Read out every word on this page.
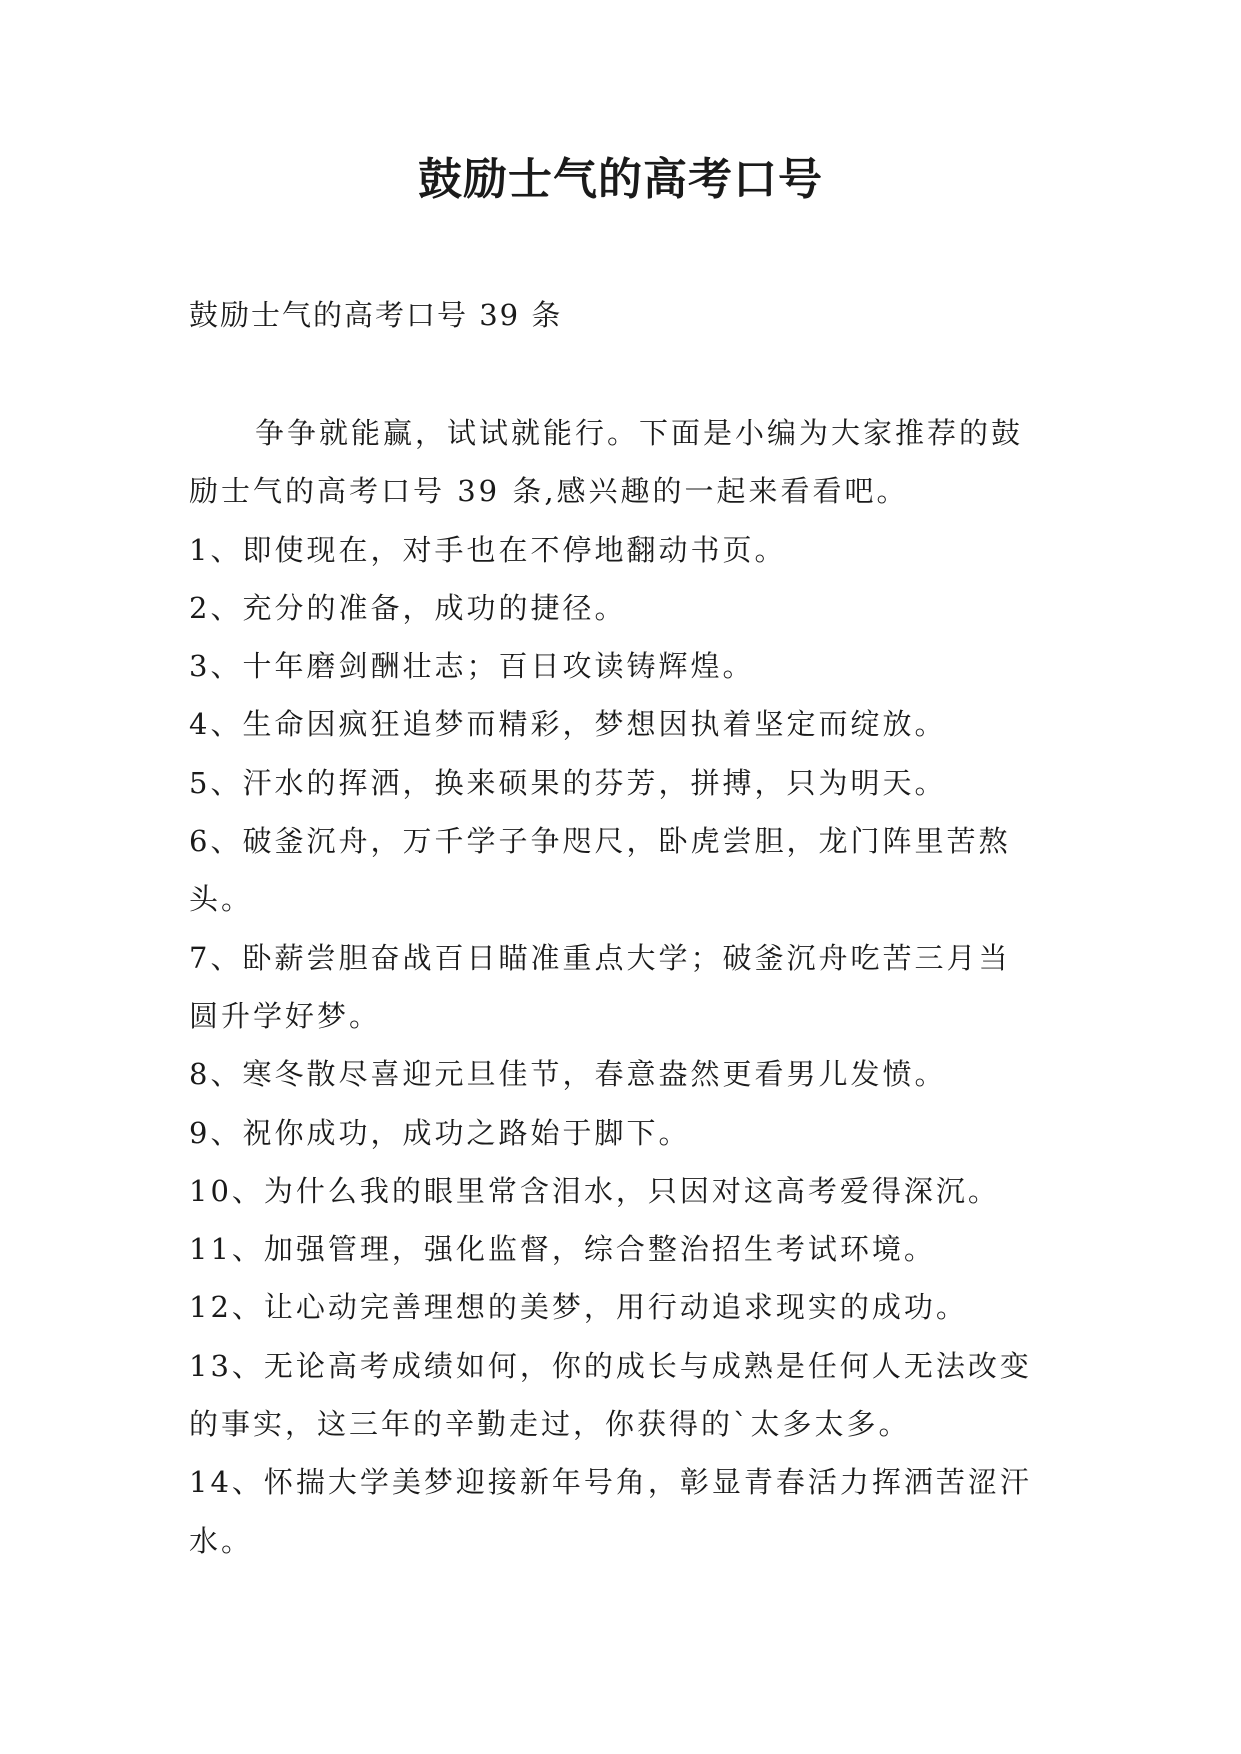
鼓励士气的高考口号
鼓励士气的高考口号 39 条
争争就能赢，试试就能行。下面是小编为大家推荐的鼓
励士气的高考口号 39 条,感兴趣的一起来看看吧。
1、即使现在，对手也在不停地翻动书页。
2、充分的准备，成功的捷径。
3、十年磨剑酬壮志；百日攻读铸辉煌。
4、生命因疯狂追梦而精彩，梦想因执着坚定而绽放。
5、汗水的挥洒，换来硕果的芬芳，拼搏，只为明天。
6、破釜沉舟，万千学子争咫尺，卧虎尝胆，龙门阵里苦熬
头。
7、卧薪尝胆奋战百日瞄准重点大学；破釜沉舟吃苦三月当
圆升学好梦。
8、寒冬散尽喜迎元旦佳节，春意盎然更看男儿发愤。
9、祝你成功，成功之路始于脚下。
10、为什么我的眼里常含泪水，只因对这高考爱得深沉。
11、加强管理，强化监督，综合整治招生考试环境。
12、让心动完善理想的美梦，用行动追求现实的成功。
13、无论高考成绩如何，你的成长与成熟是任何人无法改变
的事实，这三年的辛勤走过，你获得的`太多太多。
14、怀揣大学美梦迎接新年号角，彰显青春活力挥洒苦涩汗
水。
